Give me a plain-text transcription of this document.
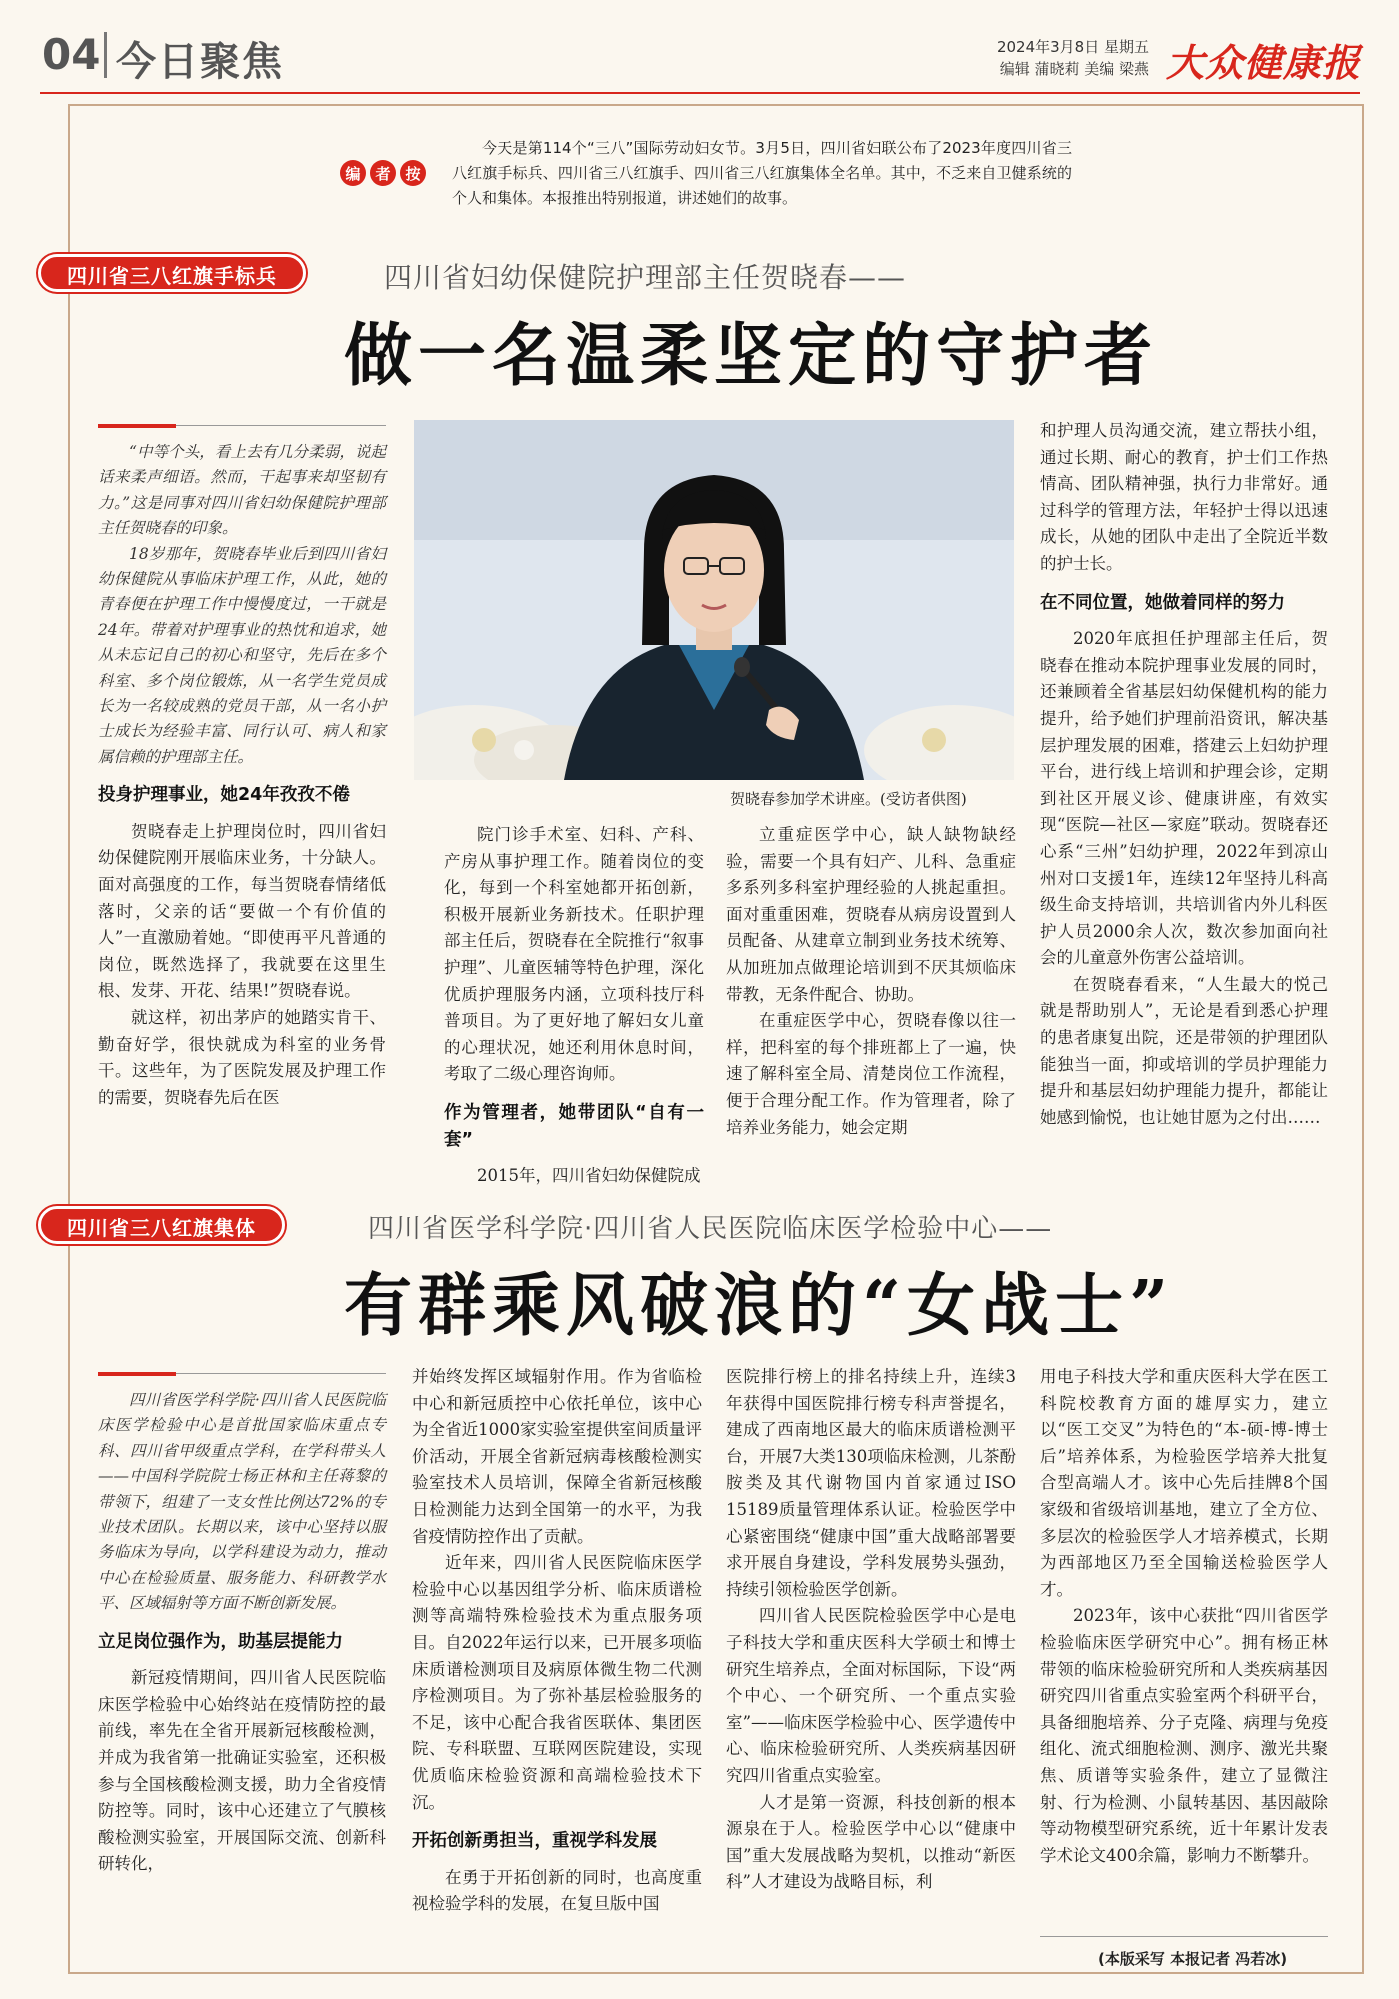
04 今日聚焦	2024年3月8日 星期五
编辑 蒲晓莉 美编 梁燕 大众健康报
编 者 按
今天是第114个“三八”国际劳动妇女节。3月5日，四川省妇联公布了2023年度四川省三八红旗手标兵、四川省三八红旗手、四川省三八红旗集体全名单。其中，不乏来自卫健系统的个人和集体。本报推出特别报道，讲述她们的故事。
四川省三八红旗手标兵	四川省妇幼保健院护理部主任贺晓春——
做一名温柔坚定的守护者

“中等个头，看上去有几分柔弱，说起话来柔声细语。然而，干起事来却坚韧有力。”这是同事对四川省妇幼保健院护理部主任贺晓春的印象。

18岁那年，贺晓春毕业后到四川省妇幼保健院从事临床护理工作，从此，她的青春便在护理工作中慢慢度过，一干就是24年。带着对护理事业的热忱和追求，她从未忘记自己的初心和坚守，先后在多个科室、多个岗位锻炼，从一名学生党员成长为一名较成熟的党员干部，从一名小护士成长为经验丰富、同行认可、病人和家属信赖的护理部主任。

投身护理事业，她24年孜孜不倦

贺晓春走上护理岗位时，四川省妇幼保健院刚开展临床业务，十分缺人。面对高强度的工作，每当贺晓春情绪低落时，父亲的话“要做一个有价值的人”一直激励着她。“即使再平凡普通的岗位，既然选择了，我就要在这里生根、发芽、开花、结果!”贺晓春说。

就这样，初出茅庐的她踏实肯干、勤奋好学，很快就成为科室的业务骨干。这些年，为了医院发展及护理工作的需要，贺晓春先后在医

贺晓春参加学术讲座。(受访者供图)

院门诊手术室、妇科、产科、产房从事护理工作。随着岗位的变化，每到一个科室她都开拓创新，积极开展新业务新技术。任职护理部主任后，贺晓春在全院推行“叙事护理”、儿童医辅等特色护理，深化优质护理服务内涵，立项科技厅科普项目。为了更好地了解妇女儿童的心理状况，她还利用休息时间，考取了二级心理咨询师。

作为管理者，她带团队“自有一套”

2015年，四川省妇幼保健院成

立重症医学中心，缺人缺物缺经验，需要一个具有妇产、儿科、急重症多系列多科室护理经验的人挑起重担。面对重重困难，贺晓春从病房设置到人员配备、从建章立制到业务技术统筹、从加班加点做理论培训到不厌其烦临床带教，无条件配合、协助。

在重症医学中心，贺晓春像以往一样，把科室的每个排班都上了一遍，快速了解科室全局、清楚岗位工作流程，便于合理分配工作。作为管理者，除了培养业务能力，她会定期

和护理人员沟通交流，建立帮扶小组，通过长期、耐心的教育，护士们工作热情高、团队精神强，执行力非常好。通过科学的管理方法，年轻护士得以迅速成长，从她的团队中走出了全院近半数的护士长。

在不同位置，她做着同样的努力

2020年底担任护理部主任后，贺晓春在推动本院护理事业发展的同时，还兼顾着全省基层妇幼保健机构的能力提升，给予她们护理前沿资讯，解决基层护理发展的困难，搭建云上妇幼护理平台，进行线上培训和护理会诊，定期到社区开展义诊、健康讲座，有效实现“医院—社区—家庭”联动。贺晓春还心系“三州”妇幼护理，2022年到凉山州对口支援1年，连续12年坚持儿科高级生命支持培训，共培训省内外儿科医护人员2000余人次，数次参加面向社会的儿童意外伤害公益培训。

在贺晓春看来，“人生最大的悦己就是帮助别人”，无论是看到悉心护理的患者康复出院，还是带领的护理团队能独当一面，抑或培训的学员护理能力提升和基层妇幼护理能力提升，都能让她感到愉悦，也让她甘愿为之付出……

四川省三八红旗集体	四川省医学科学院·四川省人民医院临床医学检验中心——
有群乘风破浪的“女战士”

四川省医学科学院·四川省人民医院临床医学检验中心是首批国家临床重点专科、四川省甲级重点学科，在学科带头人——中国科学院院士杨正林和主任蒋黎的带领下，组建了一支女性比例达72%的专业技术团队。长期以来，该中心坚持以服务临床为导向，以学科建设为动力，推动中心在检验质量、服务能力、科研教学水平、区域辐射等方面不断创新发展。

立足岗位强作为，助基层提能力

新冠疫情期间，四川省人民医院临床医学检验中心始终站在疫情防控的最前线，率先在全省开展新冠核酸检测，并成为我省第一批确证实验室，还积极参与全国核酸检测支援，助力全省疫情防控等。同时，该中心还建立了气膜核酸检测实验室，开展国际交流、创新科研转化，

并始终发挥区域辐射作用。作为省临检中心和新冠质控中心依托单位，该中心为全省近1000家实验室提供室间质量评价活动，开展全省新冠病毒核酸检测实验室技术人员培训，保障全省新冠核酸日检测能力达到全国第一的水平，为我省疫情防控作出了贡献。

近年来，四川省人民医院临床医学检验中心以基因组学分析、临床质谱检测等高端特殊检验技术为重点服务项目。自2022年运行以来，已开展多项临床质谱检测项目及病原体微生物二代测序检测项目。为了弥补基层检验服务的不足，该中心配合我省医联体、集团医院、专科联盟、互联网医院建设，实现优质临床检验资源和高端检验技术下沉。

开拓创新勇担当，重视学科发展

在勇于开拓创新的同时，也高度重视检验学科的发展，在复旦版中国

医院排行榜上的排名持续上升，连续3年获得中国医院排行榜专科声誉提名，建成了西南地区最大的临床质谱检测平台，开展7大类130项临床检测，儿茶酚胺类及其代谢物国内首家通过ISO 15189质量管理体系认证。检验医学中心紧密围绕“健康中国”重大战略部署要求开展自身建设，学科发展势头强劲，持续引领检验医学创新。

四川省人民医院检验医学中心是电子科技大学和重庆医科大学硕士和博士研究生培养点，全面对标国际，下设“两个中心、一个研究所、一个重点实验室”——临床医学检验中心、医学遗传中心、临床检验研究所、人类疾病基因研究四川省重点实验室。

人才是第一资源，科技创新的根本源泉在于人。检验医学中心以“健康中国”重大发展战略为契机，以推动“新医科”人才建设为战略目标，利

用电子科技大学和重庆医科大学在医工科院校教育方面的雄厚实力，建立以“医工交叉”为特色的“本-硕-博-博士后”培养体系，为检验医学培养大批复合型高端人才。该中心先后挂牌8个国家级和省级培训基地，建立了全方位、多层次的检验医学人才培养模式，长期为西部地区乃至全国输送检验医学人才。

2023年，该中心获批“四川省医学检验临床医学研究中心”。拥有杨正林带领的临床检验研究所和人类疾病基因研究四川省重点实验室两个科研平台，具备细胞培养、分子克隆、病理与免疫组化、流式细胞检测、测序、激光共聚焦、质谱等实验条件，建立了显微注射、行为检测、小鼠转基因、基因敲除等动物模型研究系统，近十年累计发表学术论文400余篇，影响力不断攀升。

(本版采写 本报记者 冯若冰)
